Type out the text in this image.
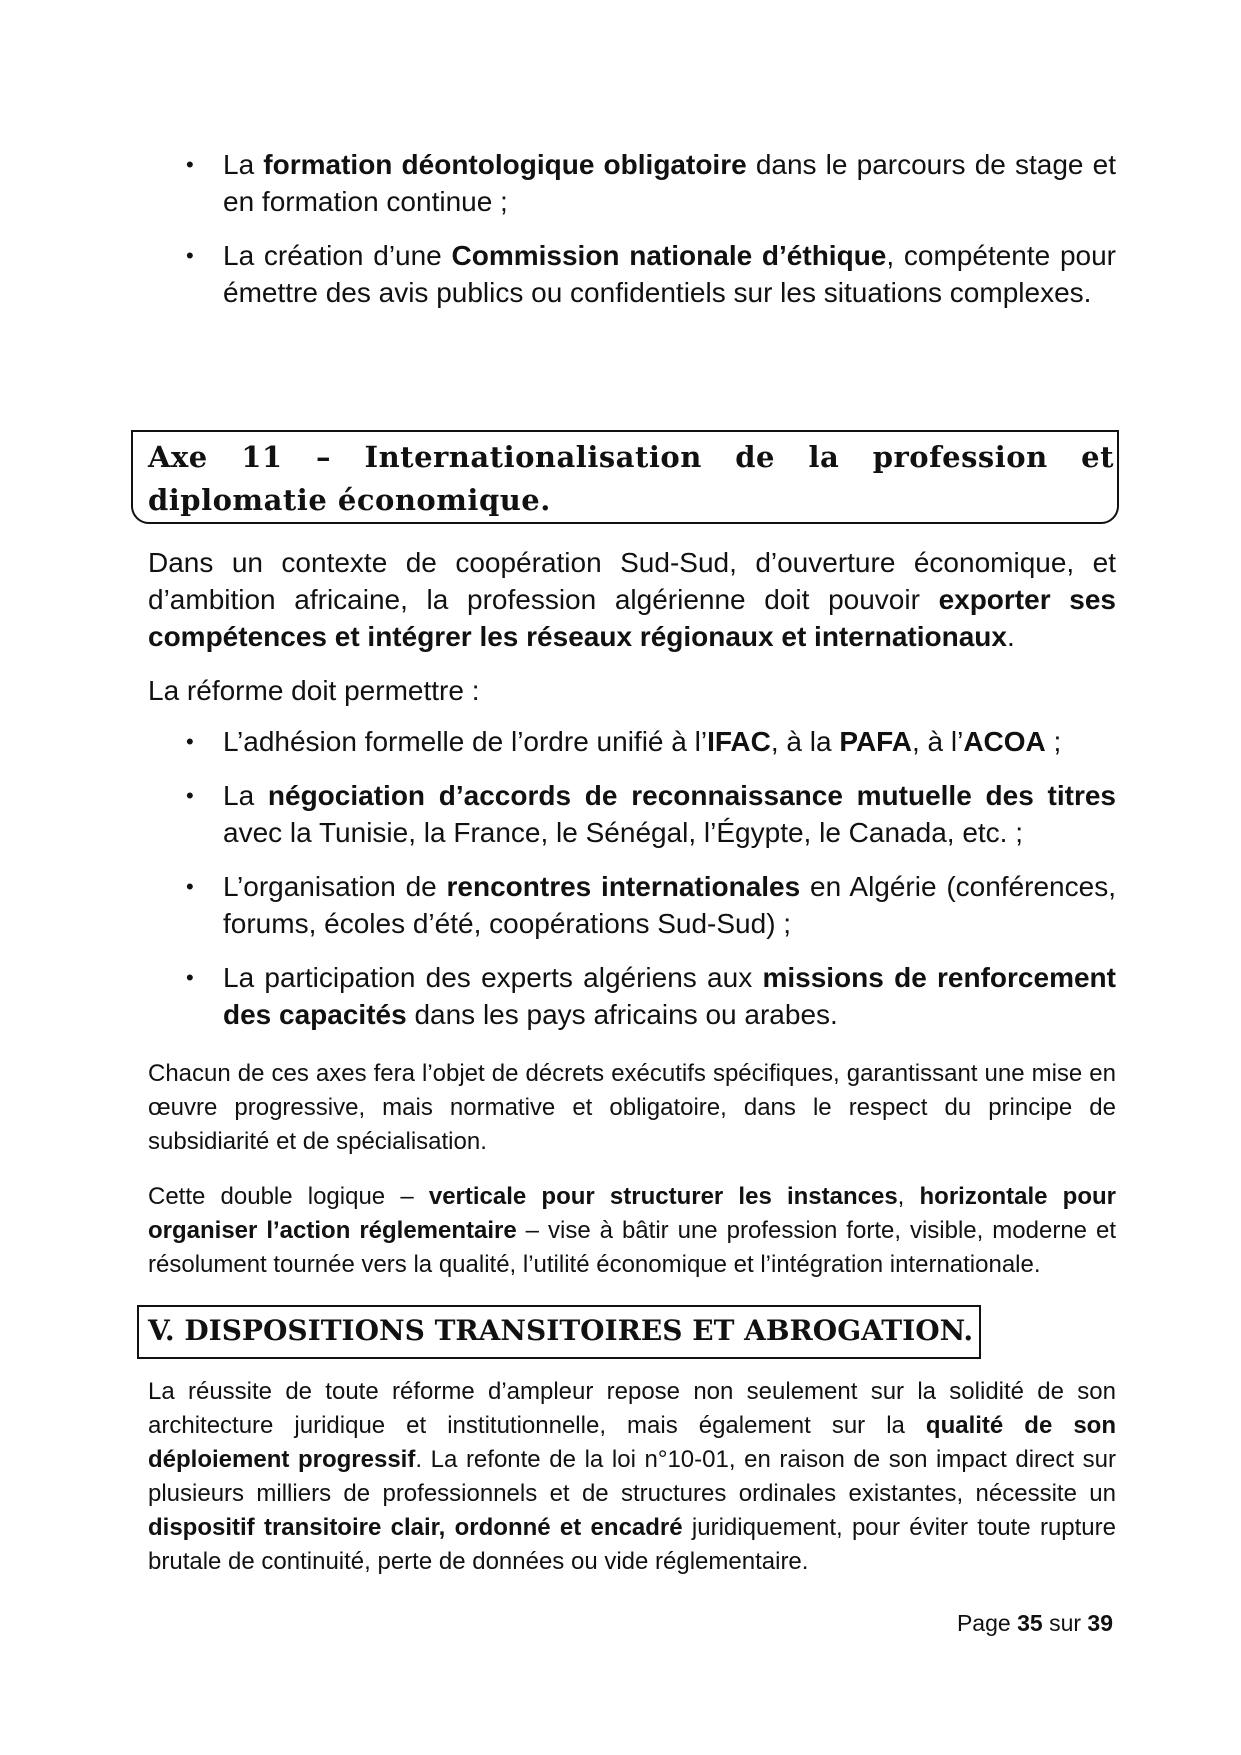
• La formation déontologique obligatoire dans le parcours de stage et en formation continue ;
• La création d’une Commission nationale d’éthique, compétente pour émettre des avis publics ou confidentiels sur les situations complexes.
Axe 11 – Internationalisation de la profession et diplomatie économique.

Dans un contexte de coopération Sud-Sud, d’ouverture économique, et d’ambition africaine, la profession algérienne doit pouvoir exporter ses compétences et intégrer les réseaux régionaux et internationaux.

La réforme doit permettre :

• L’adhésion formelle de l’ordre unifié à l’IFAC, à la PAFA, à l’ACOA ;
• La négociation d’accords de reconnaissance mutuelle des titres avec la Tunisie, la France, le Sénégal, l’Égypte, le Canada, etc. ;
• L’organisation de rencontres internationales en Algérie (conférences, forums, écoles d’été, coopérations Sud-Sud) ;
• La participation des experts algériens aux missions de renforcement des capacités dans les pays africains ou arabes.

Chacun de ces axes fera l’objet de décrets exécutifs spécifiques, garantissant une mise en œuvre progressive, mais normative et obligatoire, dans le respect du principe de subsidiarité et de spécialisation.

Cette double logique – verticale pour structurer les instances, horizontale pour organiser l’action réglementaire – vise à bâtir une profession forte, visible, moderne et résolument tournée vers la qualité, l’utilité économique et l’intégration internationale.

V. DISPOSITIONS TRANSITOIRES ET ABROGATION.

La réussite de toute réforme d’ampleur repose non seulement sur la solidité de son architecture juridique et institutionnelle, mais également sur la qualité de son déploiement progressif. La refonte de la loi n°10-01, en raison de son impact direct sur plusieurs milliers de professionnels et de structures ordinales existantes, nécessite un dispositif transitoire clair, ordonné et encadré juridiquement, pour éviter toute rupture brutale de continuité, perte de données ou vide réglementaire.

Page 35 sur 39
